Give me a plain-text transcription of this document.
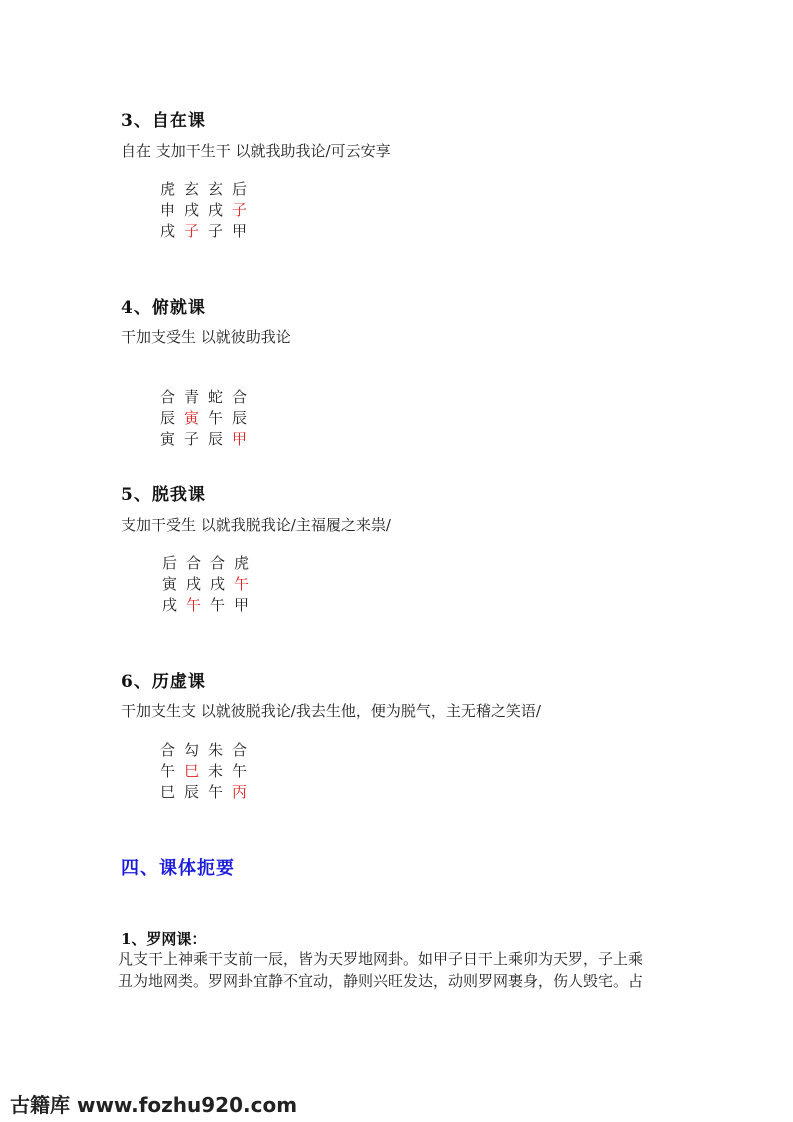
3、自在课
自在 支加干生干 以就我助我论/可云安享
虎 玄 玄 后
申 戌 戌 子
戌 子 子 甲
4、俯就课
干加支受生 以就彼助我论
合 青 蛇 合
辰 寅 午 辰
寅 子 辰 甲
5、脱我课
支加干受生 以就我脱我论/主福履之来祟/
后 合 合 虎
寅 戌 戌 午
戌 午 午 甲
6、历虚课
干加支生支 以就彼脱我论/我去生他，便为脱气，主无稽之笑语/
合 勾 朱 合
午 巳 未 午
巳 辰 午 丙
四、课体扼要
1、罗网课：
凡支干上神乘干支前一辰，皆为天罗地网卦。如甲子日干上乘卯为天罗，子上乘
丑为地网类。罗网卦宜静不宜动，静则兴旺发达，动则罗网裹身，伤人毁宅。占
古籍库 www.fozhu920.com
